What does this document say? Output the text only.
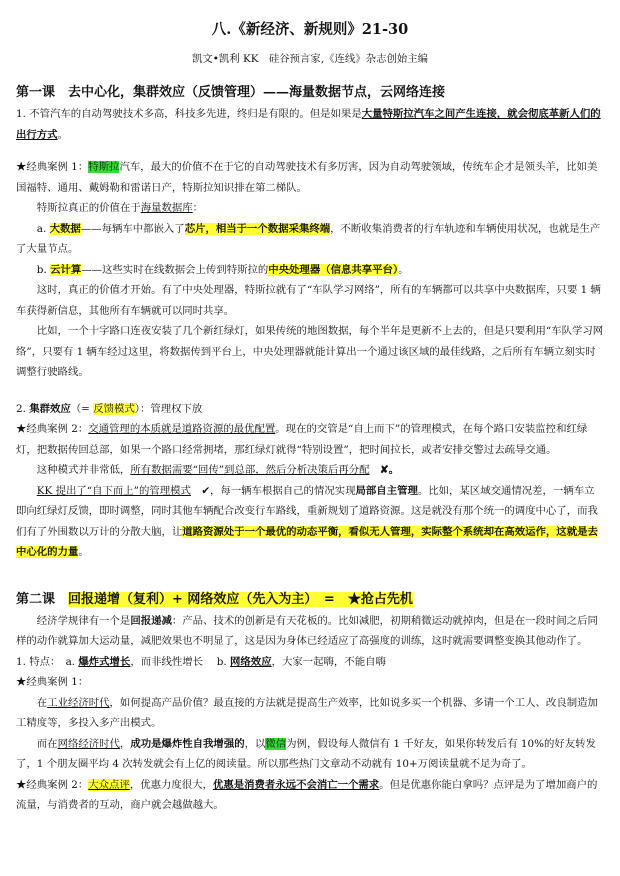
八.《新经济、新规则》21-30
凯文•凯利 KK　硅谷预言家,《连线》杂志创始主编
第一课　去中心化，集群效应（反馈管理）——海量数据节点，云网络连接

1. 不管汽车的自动驾驶技术多高，科技多先进，终归是有限的。但是如果是大量特斯拉汽车之间产生连接，就会彻底革新人们的出行方式。

★经典案例 1：特斯拉汽车，最大的价值不在于它的自动驾驶技术有多厉害，因为自动驾驶领域，传统车企才是领头羊，比如美国福特、通用、戴姆勒和雷诺日产，特斯拉知识排在第二梯队。

特斯拉真正的价值在于海量数据库：

a. 大数据——每辆车中都嵌入了芯片，相当于一个数据采集终端，不断收集消费者的行车轨迹和车辆使用状况，也就是生产了大量节点。

b. 云计算——这些实时在线数据会上传到特斯拉的中央处理器（信息共享平台）。

这时，真正的价值才开始。有了中央处理器，特斯拉就有了“车队学习网络”，所有的车辆都可以共享中央数据库，只要 1 辆车获得新信息，其他所有车辆就可以同时共享。

比如，一个十字路口连夜安装了几个新红绿灯，如果传统的地图数据，每个半年是更新不上去的，但是只要利用“车队学习网络”，只要有 1 辆车经过这里，将数据传到平台上，中央处理器就能计算出一个通过该区域的最佳线路，之后所有车辆立刻实时调整行驶路线。

2. 集群效应（= 反馈模式）：管理权下放

★经典案例 2：交通管理的本质就是道路资源的最优配置。现在的交管是“自上而下”的管理模式，在每个路口安装监控和红绿灯，把数据传回总部，如果一个路口经常拥堵，那红绿灯就得“特别设置”，把时间拉长，或者安排交警过去疏导交通。

这种模式并非常低，所有数据需要“回传”到总部，然后分析决策后再分配　✘。

KK 提出了“自下而上”的管理模式　✔，每一辆车根据自己的情况实现局部自主管理。比如，某区域交通情况差，一辆车立即向红绿灯反馈，即时调整，同时其他车辆配合改变行车路线，重新规划了道路资源。这是就没有那个统一的调度中心了，而我们有了外围数以万计的分散大脑，让道路资源处于一个最优的动态平衡，看似无人管理，实际整个系统却在高效运作，这就是去中心化的力量。

第二课　回报递增（复利）+ 网络效应（先入为主）　=　★抢占先机

经济学规律有一个是回报递减：产品、技术的创新是有天花板的。比如减肥，初期稍微运动就掉肉，但是在一段时间之后同样的动作就算加大运动量，减肥效果也不明显了，这是因为身体已经适应了高强度的训练，这时就需要调整变换其他动作了。

1. 特点：　a. 爆炸式增长，而非线性增长　 b. 网络效应，大家一起嗨，不能自嗨

★经典案例 1：

在工业经济时代，如何提高产品价值？最直接的方法就是提高生产效率，比如说多买一个机器、多请一个工人、改良制造加工精度等，多投入多产出模式。

而在网络经济时代，成功是爆炸性自我增强的，以微信为例，假设每人微信有 1 千好友，如果你转发后有 10%的好友转发了，1 个朋友圈平均 4 次转发就会有上亿的阅读量。所以那些热门文章动不动就有 10+万阅读量就不足为奇了。

★经典案例 2：大众点评，优惠力度很大，优惠是消费者永远不会消亡一个需求。但是优惠你能白拿吗？点评是为了增加商户的流量，与消费者的互动，商户就会越做越大。
